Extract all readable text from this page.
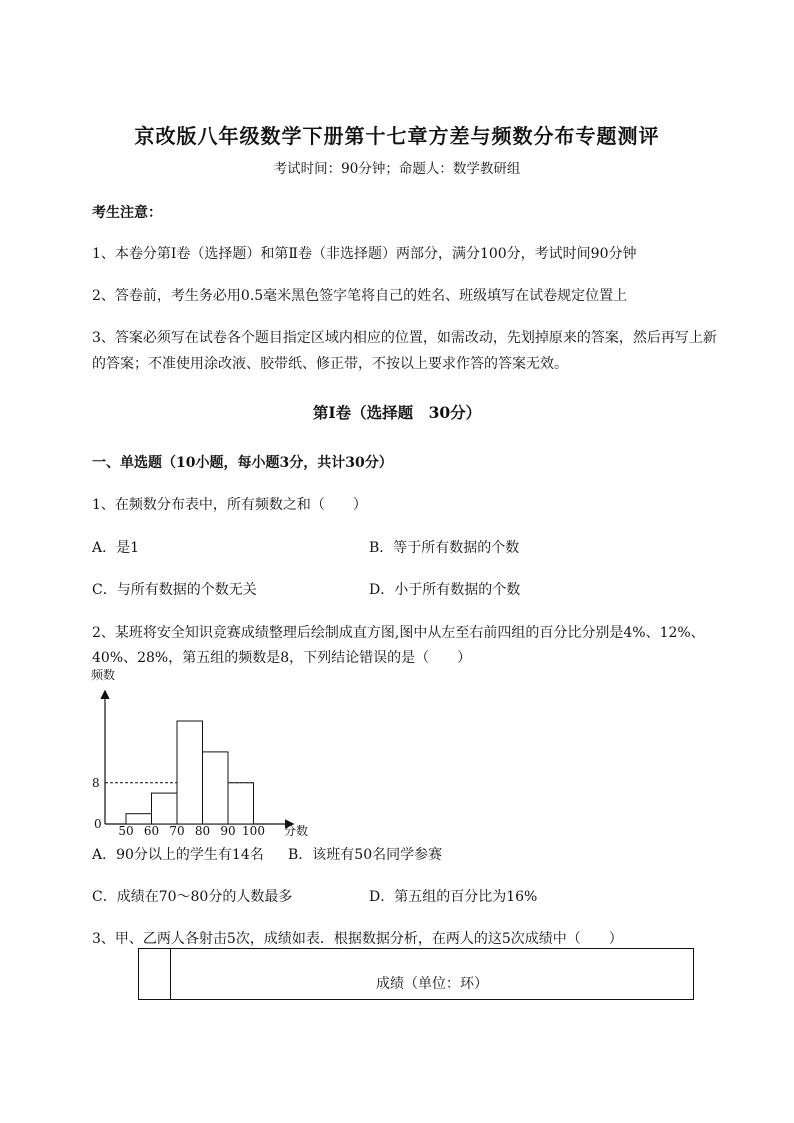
京改版八年级数学下册第十七章方差与频数分布专题测评
考试时间：90分钟；命题人：数学教研组
考生注意：
1、本卷分第Ⅰ卷（选择题）和第Ⅱ卷（非选择题）两部分，满分100分，考试时间90分钟
2、答卷前，考生务必用0.5毫米黑色签字笔将自己的姓名、班级填写在试卷规定位置上
3、答案必须写在试卷各个题目指定区域内相应的位置，如需改动，先划掉原来的答案，然后再写上新
的答案；不准使用涂改液、胶带纸、修正带，不按以上要求作答的答案无效。
第Ⅰ卷（选择题　30分）
一、单选题（10小题，每小题3分，共计30分）
1、在频数分布表中，所有频数之和（　　）
A．是1	B．等于所有数据的个数
C．与所有数据的个数无关	D．小于所有数据的个数
2、某班将安全知识竞赛成绩整理后绘制成直方图,图中从左至右前四组的百分比分别是4%、12%、
40%、28%，第五组的频数是8，下列结论错误的是（　　）
频数
8
0 50 60 70 80 90 100 分数
A．90分以上的学生有14名 B．该班有50名同学参赛
C．成绩在70～80分的人数最多	D．第五组的百分比为16%
3、甲、乙两人各射击5次，成绩如表．根据数据分析，在两人的这5次成绩中（　　）
成绩（单位：环）
